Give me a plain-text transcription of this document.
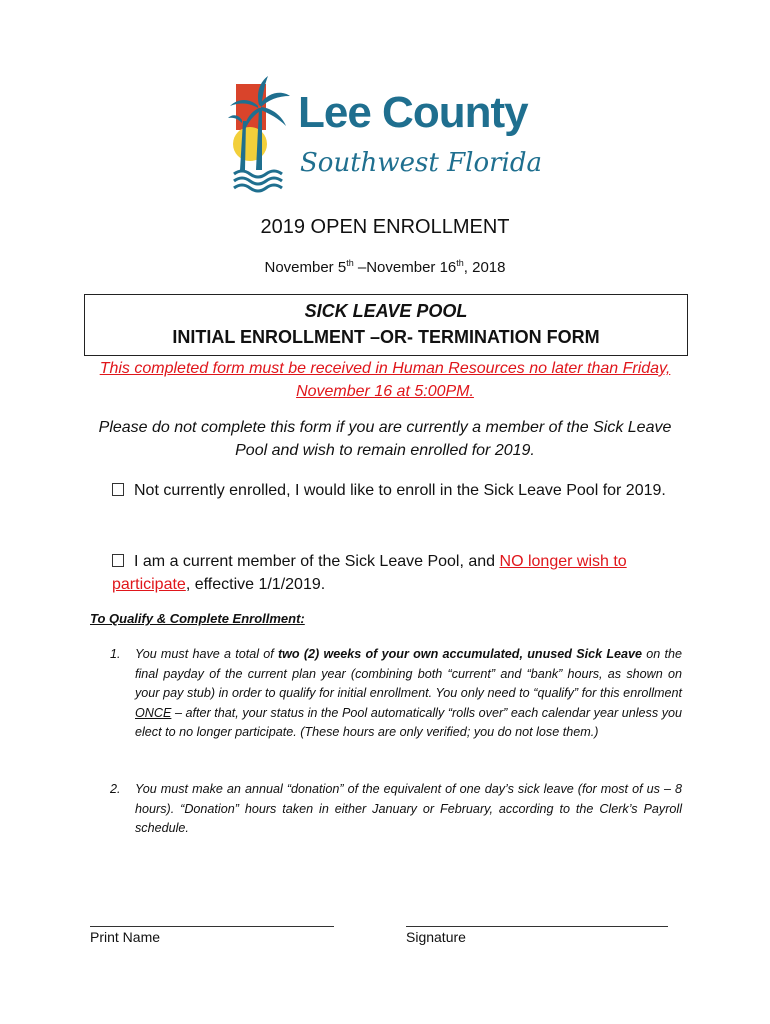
Lee County
Southwest Florida
2019 OPEN ENROLLMENT
November 5th –November 16th, 2018
SICK LEAVE POOL
INITIAL ENROLLMENT –OR- TERMINATION FORM
This completed form must be received in Human Resources no later than Friday, November 16 at 5:00PM.
Please do not complete this form if you are currently a member of the Sick Leave Pool and wish to remain enrolled for 2019.
Not currently enrolled, I would like to enroll in the Sick Leave Pool for 2019.
I am a current member of the Sick Leave Pool, and NO longer wish to participate, effective 1/1/2019.
To Qualify & Complete Enrollment:
1. You must have a total of two (2) weeks of your own accumulated, unused Sick Leave on the final payday of the current plan year (combining both “current” and “bank” hours, as shown on your pay stub) in order to qualify for initial enrollment. You only need to “qualify” for this enrollment ONCE – after that, your status in the Pool automatically “rolls over” each calendar year unless you elect to no longer participate. (These hours are only verified; you do not lose them.)
2. You must make an annual “donation” of the equivalent of one day’s sick leave (for most of us – 8 hours). “Donation” hours taken in either January or February, according to the Clerk’s Payroll schedule.
Print Name	Signature
